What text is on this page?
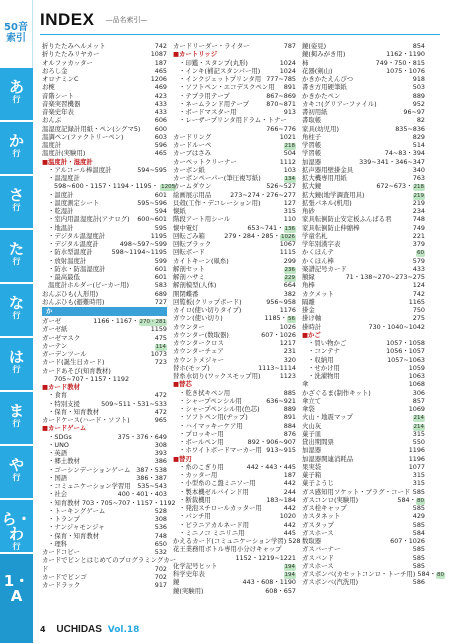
50音
索引
あ
行
か
行
さ
行
た
行
な
行
は
行
ま
行
や
行
ら・わ
行
1・A
INDEX —品名索引—
折りたたみヘルメット	742
折りたたみリヤカー	1087
オルファカッター	187
おろし金	465
オロナミンC	1206
お椀	469
音階シート	423
音楽実習機器	433
音楽史年表	433
おんぶ	606
温湿度記録計用紙・ペン(シグマ5)	600
温調ペン(ファクトリーペン)	603
温度計	596
温度計(実験用)	465
■温度計・湿度計
・アルコール棒温度計	594~595
・温湿度計
598~600・1157・1194・1195・ 1205
・温度計	601
・温度測定シート	595~596
・乾湿計	594
・室内用温湿度計(アナログ)	600~601
・地温計	595
・デジタル温湿度計	1195
・デジタル温度計	498~597~599
・防水型温度計	598~1194~1195
・放射温度計	599
・防水・防温湿度計	601
・最高最低	601
温度計ホルダー(ピーカー用)	583
おんぶひも(人形用)	689
おんぶひも(避難時用)	727
か
ガーゼ	1166・1167・270・281
ガーゼ紙	1159
ガーゼマスク	475
カーテン	114
ガーデンツール	1073
カード(誕生日カード)	723
カードあそび(知育教材)
705~707・1157・1192
■カード教材
・食育	472
・特別支援	509~511・531~533
・保育・知育教材	472
カードケース(ハード・ソフト)	965
■カードゲーム
・SDGs	375・376・649
・UNO	308
・英語	393
・郷土教材	386
・ゴーシンデーションゲーム 387・538
・国語	386・387
・コミュニケーション学習用	535~543
・社会	400・401・403
・知育教材 703・705~707・1157・1192
・トーキングゲーム	528
・トランプ	308
・ナンジャモンジャ	536
・保育・知育教材	748
・理科	650
カードコピー	532
カードでピンとはじめてのプログラミングカー
ド	702
カードでビンゴ	702
カードラック	917
カードリーダー・ライター	787
■カートリッジ
・印鑑・スタンプ(丸形)	1024
・インキ(補記スタンパー用)	1024
・インクジェットプリンタ用 777~785
・ソフトペン・エコデスクペン用	891
・テプラ用テープ	867~869
・ネームランド用テープ	870~871
・ボードマスター用	913
・レーザープリンタ用ドラム・トナー
766~776
カードリング	1021
カードルーペ	218
カーブはさみ	504
カーペットクリーナー	1112
カーボン紙	103
カーボンペーパー(筆圧複写紙)	134
カームダウン	526~527
絵画展示用品	273~274・276~277
貝殻(工作・デコレーション用)	127
懐紙	315
階段アート用シール	110
懐中電灯	653~741・136
回転ごみ箱	279・284・285・1026
回転ブラック	1067
回転ボード	1115
カイトキーン(凧糸)	299
解剖セット	236
解剖ハサミ	229
解剖模型(人体)	664
開閉蝶番	382
回覧板(クリップボード)	956~958
カイロ(使い切りタイプ)	1176
ガウン(使い切り)	1185・56
カウンター	1026
カウンター(数取器)	607・1026
カウンタークロス	1217
カウンターチェア	231
カウントメジャー	320
替ホ(モップ)	1113~1114
替糸水切り(ワックスモップ用)	1123
■替芯
・乾き拭キペン用	885
・シャープペンシル用	636~921
・シャープペンシル用(色芯)	889
・ソフトペン用(ヂップ)	891
・ハイマッキーケア用	884
・プロッキー用	876
・ボールペン用	892・906~907
・ホワイトボードマーカー用 913~915
■替刃
・糸のこぎり用	442・443・445
・カッター用	187
・小型糸のこ盤ミニソー用	442
・製本機ゼルバインド用	244
・断裁機用	183~184
・発泡スチロールカッター用	442
・パンチ用	1020
・ピラニアカルネード用	442
・ミニノコ ミニリニ用	445
かえるカード(コミュニケーション学習) 528
花王業務用ボトル専用小分けキャップ
1152・1219~1221
化学記号ヒット	194
科学史年表	194
鏡	443・608・1190
鏡(実験用)	608・657
鏡(姿見)	854
鏡(掲みがき用)	1162・1190
柿	749・750・815
花器(剣山)	1075・1076
かきかたえんぴつ	918
書き方用硬筆紙	503
かきかたペン	889
カキコ(グリアーファイル)	952
書初用紙	96~97
書取帳	82
家具(幼児用)	835~836
角柱子	829
学習帳	514
学習帳	74~83・394
加湿器	339~341・346~347
拡声器用壁掛金具	340
拡大機専用用紙	763
拡大鏡	672~673・218
拡大鏡(地学調査用具)	219
拡張パネル(机用)	219
角砂	234
家具転倒防止安定板ふんばる君	748
家具転倒防止伸縮棒	749
学童名札	221
学年別漢字表	379
かくほんテ	60
かくほん棒	579
楽譜記号カード	433
額縁	71・138~270~273~275
角棒	124
カクメット	742
隔離	1165
掛金	750
掛け軸	275
掛時計	730・1040~1042
■かご
・買い物かご	1057・1058
・コンテナ	1056・1057
・収納用	1057~1063
・せかけ用	1059
・洗濯物用	1063
傘	1068
かざぐるま(制作キット)	306
傘立て	857
傘袋	1069
火山・地震マップ	214
火山灰	214
菓子皿	315
貸出期間票	550
加湿器	1196
加湿器関連消耗品	1196
果実袋	1077
菓子箱	315
菓子ようじ	315
ガス感知用ソケット・ブラグ・コード 585
ガスコンロ(実験用)	584・80
ガス栓キャップ	585
カスタネット	429
ガスタップ	585
ガスホース	584
数取器	607・1026
ガスバーナー	585
ガスバンド	585
ガスホース	585
ガスボンベ(カセットコンロ・トーチ用) 584・80
ガスボンベ(汽洗用)	586
4 UCHIDAS Vol.18
